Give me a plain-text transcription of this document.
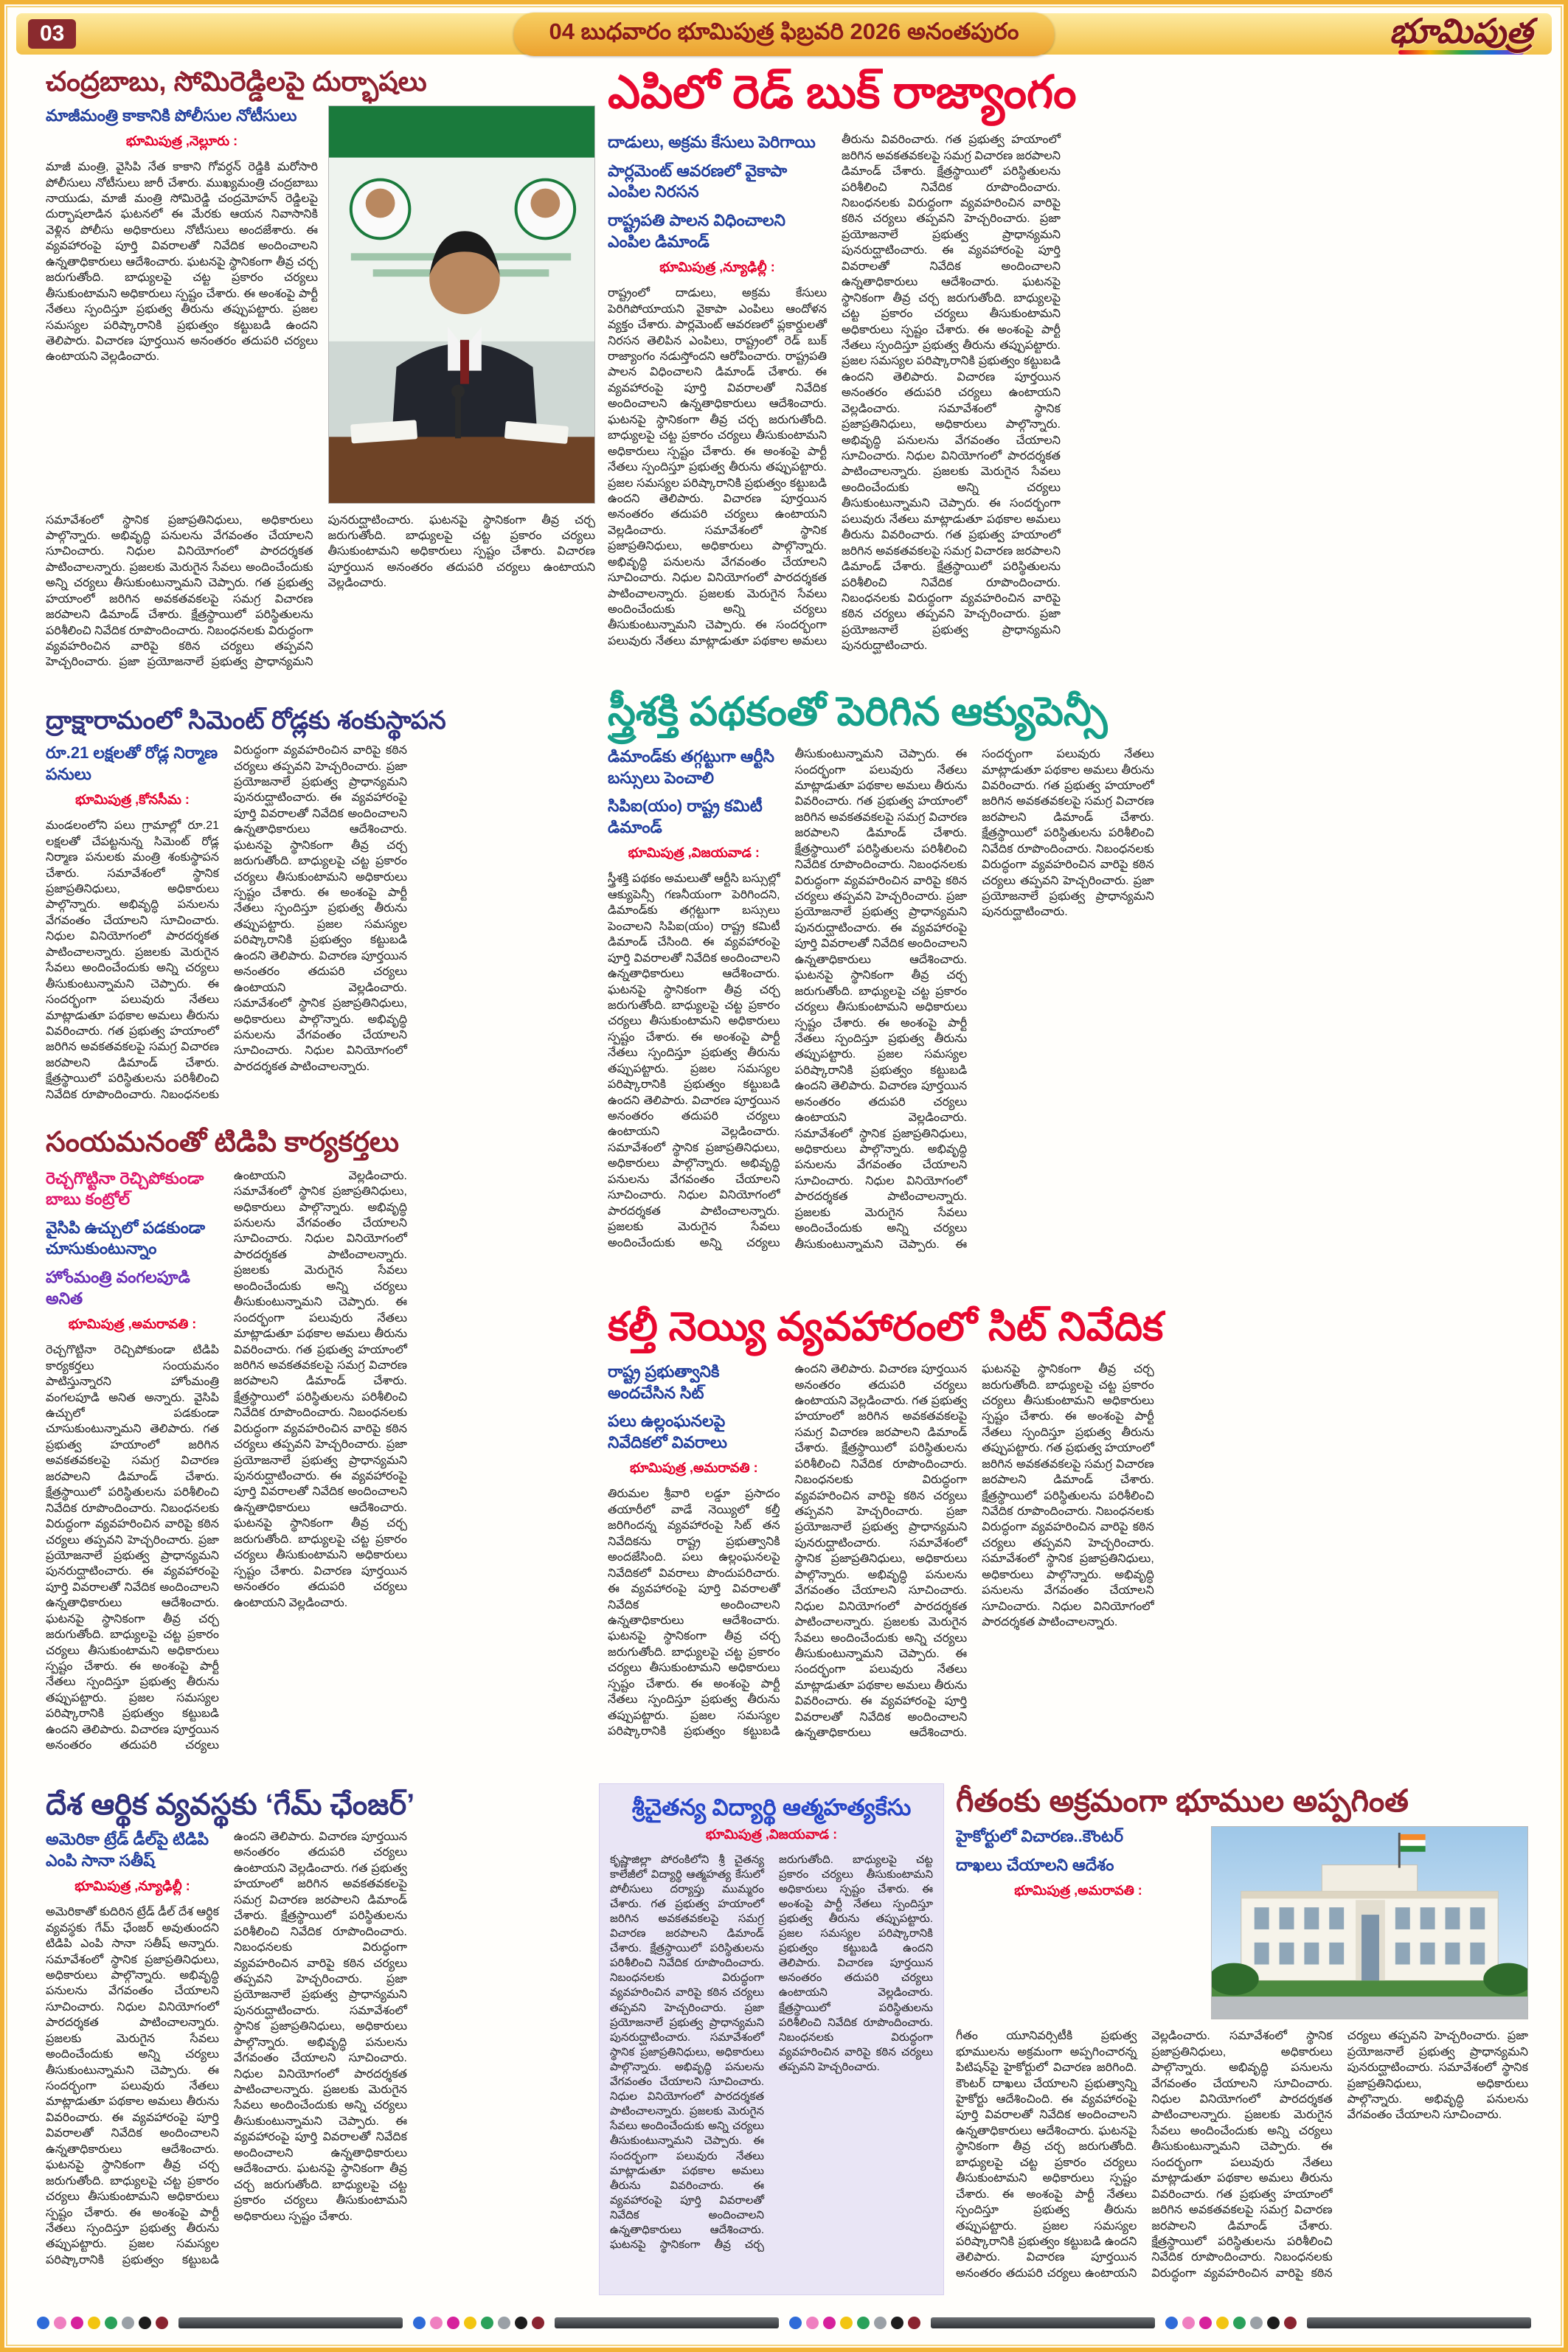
03	04 బుధవారం భూమిపుత్ర ఫిబ్రవరి 2026 అనంతపురం	భూమిపుత్ర
చంద్రబాబు, సోమిరెడ్డిలపై దుర్భాషలు
మాజీమంత్రి కాకానికి పోలీసుల నోటీసులు
భూమిపుత్ర ,నెల్లూరు :

మాజీ మంత్రి, వైసిపి నేత కాకాని గోవర్ధన్ రెడ్డికి మరోసారి పోలీసులు నోటీసులు జారీ చేశారు. ముఖ్యమంత్రి చంద్రబాబు నాయుడు, మాజీ మంత్రి సోమిరెడ్డి చంద్రమోహన్ రెడ్డిలపై దుర్భాషలాడిన ఘటనలో ఈ మేరకు ఆయన నివాసానికి వెళ్లిన పోలీసు అధికారులు నోటీసులు అందజేశారు. ఈ వ్యవహారంపై పూర్తి వివరాలతో నివేదిక అందించాలని ఉన్నతాధికారులు ఆదేశించారు. ఘటనపై స్థానికంగా తీవ్ర చర్చ జరుగుతోంది. బాధ్యులపై చట్ట ప్రకారం చర్యలు తీసుకుంటామని అధికారులు స్పష్టం చేశారు. ఈ అంశంపై పార్టీ నేతలు స్పందిస్తూ ప్రభుత్వ తీరును తప్పుపట్టారు. ప్రజల సమస్యల పరిష్కారానికి ప్రభుత్వం కట్టుబడి ఉందని తెలిపారు. విచారణ పూర్తయిన అనంతరం తదుపరి చర్యలు ఉంటాయని వెల్లడించారు.

సమావేశంలో స్థానిక ప్రజాప్రతినిధులు, అధికారులు పాల్గొన్నారు. అభివృద్ధి పనులను వేగవంతం చేయాలని సూచించారు. నిధుల వినియోగంలో పారదర్శకత పాటించాలన్నారు. ప్రజలకు మెరుగైన సేవలు అందించేందుకు అన్ని చర్యలు తీసుకుంటున్నామని చెప్పారు. గత ప్రభుత్వ హయాంలో జరిగిన అవకతవకలపై సమగ్ర విచారణ జరపాలని డిమాండ్ చేశారు. క్షేత్రస్థాయిలో పరిస్థితులను పరిశీలించి నివేదిక రూపొందించారు. నిబంధనలకు విరుద్ధంగా వ్యవహరించిన వారిపై కఠిన చర్యలు తప్పవని హెచ్చరించారు. ప్రజా ప్రయోజనాలే ప్రభుత్వ ప్రాధాన్యమని పునరుద్ఘాటించారు. ఘటనపై స్థానికంగా తీవ్ర చర్చ జరుగుతోంది. బాధ్యులపై చట్ట ప్రకారం చర్యలు తీసుకుంటామని అధికారులు స్పష్టం చేశారు. విచారణ పూర్తయిన అనంతరం తదుపరి చర్యలు ఉంటాయని వెల్లడించారు.

ఎపిలో రెడ్ బుక్ రాజ్యాంగం
దాడులు, అక్రమ కేసులు పెరిగాయి
పార్లమెంట్ ఆవరణలో వైకాపా ఎంపిల నిరసన
రాష్ట్రపతి పాలన విధించాలని ఎంపిల డిమాండ్
భూమిపుత్ర ,న్యూఢిల్లీ :

రాష్ట్రంలో దాడులు, అక్రమ కేసులు పెరిగిపోయాయని వైకాపా ఎంపిలు ఆందోళన వ్యక్తం చేశారు. పార్లమెంట్ ఆవరణలో ప్లకార్డులతో నిరసన తెలిపిన ఎంపిలు, రాష్ట్రంలో రెడ్ బుక్ రాజ్యాంగం నడుస్తోందని ఆరోపించారు. రాష్ట్రపతి పాలన విధించాలని డిమాండ్ చేశారు. ఈ వ్యవహారంపై పూర్తి వివరాలతో నివేదిక అందించాలని ఉన్నతాధికారులు ఆదేశించారు. ఘటనపై స్థానికంగా తీవ్ర చర్చ జరుగుతోంది. బాధ్యులపై చట్ట ప్రకారం చర్యలు తీసుకుంటామని అధికారులు స్పష్టం చేశారు. ఈ అంశంపై పార్టీ నేతలు స్పందిస్తూ ప్రభుత్వ తీరును తప్పుపట్టారు. ప్రజల సమస్యల పరిష్కారానికి ప్రభుత్వం కట్టుబడి ఉందని తెలిపారు. విచారణ పూర్తయిన అనంతరం తదుపరి చర్యలు ఉంటాయని వెల్లడించారు. సమావేశంలో స్థానిక ప్రజాప్రతినిధులు, అధికారులు పాల్గొన్నారు. అభివృద్ధి పనులను వేగవంతం చేయాలని సూచించారు. నిధుల వినియోగంలో పారదర్శకత పాటించాలన్నారు. ప్రజలకు మెరుగైన సేవలు అందించేందుకు అన్ని చర్యలు తీసుకుంటున్నామని చెప్పారు. ఈ సందర్భంగా పలువురు నేతలు మాట్లాడుతూ పథకాల అమలు తీరును వివరించారు. గత ప్రభుత్వ హయాంలో జరిగిన అవకతవకలపై సమగ్ర విచారణ జరపాలని డిమాండ్ చేశారు. క్షేత్రస్థాయిలో పరిస్థితులను పరిశీలించి నివేదిక రూపొందించారు. నిబంధనలకు విరుద్ధంగా వ్యవహరించిన వారిపై కఠిన చర్యలు తప్పవని హెచ్చరించారు. ప్రజా ప్రయోజనాలే ప్రభుత్వ ప్రాధాన్యమని పునరుద్ఘాటించారు. ఈ వ్యవహారంపై పూర్తి వివరాలతో నివేదిక అందించాలని ఉన్నతాధికారులు ఆదేశించారు. ఘటనపై స్థానికంగా తీవ్ర చర్చ జరుగుతోంది. బాధ్యులపై చట్ట ప్రకారం చర్యలు తీసుకుంటామని అధికారులు స్పష్టం చేశారు. ఈ అంశంపై పార్టీ నేతలు స్పందిస్తూ ప్రభుత్వ తీరును తప్పుపట్టారు. ప్రజల సమస్యల పరిష్కారానికి ప్రభుత్వం కట్టుబడి ఉందని తెలిపారు. విచారణ పూర్తయిన అనంతరం తదుపరి చర్యలు ఉంటాయని వెల్లడించారు. సమావేశంలో స్థానిక ప్రజాప్రతినిధులు, అధికారులు పాల్గొన్నారు. అభివృద్ధి పనులను వేగవంతం చేయాలని సూచించారు. నిధుల వినియోగంలో పారదర్శకత పాటించాలన్నారు. ప్రజలకు మెరుగైన సేవలు అందించేందుకు అన్ని చర్యలు తీసుకుంటున్నామని చెప్పారు. ఈ సందర్భంగా పలువురు నేతలు మాట్లాడుతూ పథకాల అమలు తీరును వివరించారు. గత ప్రభుత్వ హయాంలో జరిగిన అవకతవకలపై సమగ్ర విచారణ జరపాలని డిమాండ్ చేశారు. క్షేత్రస్థాయిలో పరిస్థితులను పరిశీలించి నివేదిక రూపొందించారు. నిబంధనలకు విరుద్ధంగా వ్యవహరించిన వారిపై కఠిన చర్యలు తప్పవని హెచ్చరించారు. ప్రజా ప్రయోజనాలే ప్రభుత్వ ప్రాధాన్యమని పునరుద్ఘాటించారు.

ద్రాక్షారామంలో సిమెంట్ రోడ్లకు శంకుస్థాపన
రూ.21 లక్షలతో రోడ్ల నిర్మాణ పనులు
భూమిపుత్ర ,కోనసీమ :

మండలంలోని పలు గ్రామాల్లో రూ.21 లక్షలతో చేపట్టనున్న సిమెంట్ రోడ్ల నిర్మాణ పనులకు మంత్రి శంకుస్థాపన చేశారు. సమావేశంలో స్థానిక ప్రజాప్రతినిధులు, అధికారులు పాల్గొన్నారు. అభివృద్ధి పనులను వేగవంతం చేయాలని సూచించారు. నిధుల వినియోగంలో పారదర్శకత పాటించాలన్నారు. ప్రజలకు మెరుగైన సేవలు అందించేందుకు అన్ని చర్యలు తీసుకుంటున్నామని చెప్పారు. ఈ సందర్భంగా పలువురు నేతలు మాట్లాడుతూ పథకాల అమలు తీరును వివరించారు. గత ప్రభుత్వ హయాంలో జరిగిన అవకతవకలపై సమగ్ర విచారణ జరపాలని డిమాండ్ చేశారు. క్షేత్రస్థాయిలో పరిస్థితులను పరిశీలించి నివేదిక రూపొందించారు. నిబంధనలకు విరుద్ధంగా వ్యవహరించిన వారిపై కఠిన చర్యలు తప్పవని హెచ్చరించారు. ప్రజా ప్రయోజనాలే ప్రభుత్వ ప్రాధాన్యమని పునరుద్ఘాటించారు. ఈ వ్యవహారంపై పూర్తి వివరాలతో నివేదిక అందించాలని ఉన్నతాధికారులు ఆదేశించారు. ఘటనపై స్థానికంగా తీవ్ర చర్చ జరుగుతోంది. బాధ్యులపై చట్ట ప్రకారం చర్యలు తీసుకుంటామని అధికారులు స్పష్టం చేశారు. ఈ అంశంపై పార్టీ నేతలు స్పందిస్తూ ప్రభుత్వ తీరును తప్పుపట్టారు. ప్రజల సమస్యల పరిష్కారానికి ప్రభుత్వం కట్టుబడి ఉందని తెలిపారు. విచారణ పూర్తయిన అనంతరం తదుపరి చర్యలు ఉంటాయని వెల్లడించారు. సమావేశంలో స్థానిక ప్రజాప్రతినిధులు, అధికారులు పాల్గొన్నారు. అభివృద్ధి పనులను వేగవంతం చేయాలని సూచించారు. నిధుల వినియోగంలో పారదర్శకత పాటించాలన్నారు.

స్త్రీశక్తి పథకంతో పెరిగిన ఆక్యుపెన్సీ
డిమాండ్‌కు తగ్గట్టుగా ఆర్టీసి బస్సులు పెంచాలి
సిపిఐ(యం) రాష్ట్ర కమిటీ డిమాండ్
భూమిపుత్ర ,విజయవాడ :

స్త్రీశక్తి పథకం అమలుతో ఆర్టీసి బస్సుల్లో ఆక్యుపెన్సీ గణనీయంగా పెరిగిందని, డిమాండ్‌కు తగ్గట్టుగా బస్సులు పెంచాలని సిపిఐ(యం) రాష్ట్ర కమిటీ డిమాండ్ చేసింది. ఈ వ్యవహారంపై పూర్తి వివరాలతో నివేదిక అందించాలని ఉన్నతాధికారులు ఆదేశించారు. ఘటనపై స్థానికంగా తీవ్ర చర్చ జరుగుతోంది. బాధ్యులపై చట్ట ప్రకారం చర్యలు తీసుకుంటామని అధికారులు స్పష్టం చేశారు. ఈ అంశంపై పార్టీ నేతలు స్పందిస్తూ ప్రభుత్వ తీరును తప్పుపట్టారు. ప్రజల సమస్యల పరిష్కారానికి ప్రభుత్వం కట్టుబడి ఉందని తెలిపారు. విచారణ పూర్తయిన అనంతరం తదుపరి చర్యలు ఉంటాయని వెల్లడించారు. సమావేశంలో స్థానిక ప్రజాప్రతినిధులు, అధికారులు పాల్గొన్నారు. అభివృద్ధి పనులను వేగవంతం చేయాలని సూచించారు. నిధుల వినియోగంలో పారదర్శకత పాటించాలన్నారు. ప్రజలకు మెరుగైన సేవలు అందించేందుకు అన్ని చర్యలు తీసుకుంటున్నామని చెప్పారు. ఈ సందర్భంగా పలువురు నేతలు మాట్లాడుతూ పథకాల అమలు తీరును వివరించారు. గత ప్రభుత్వ హయాంలో జరిగిన అవకతవకలపై సమగ్ర విచారణ జరపాలని డిమాండ్ చేశారు. క్షేత్రస్థాయిలో పరిస్థితులను పరిశీలించి నివేదిక రూపొందించారు. నిబంధనలకు విరుద్ధంగా వ్యవహరించిన వారిపై కఠిన చర్యలు తప్పవని హెచ్చరించారు. ప్రజా ప్రయోజనాలే ప్రభుత్వ ప్రాధాన్యమని పునరుద్ఘాటించారు. ఈ వ్యవహారంపై పూర్తి వివరాలతో నివేదిక అందించాలని ఉన్నతాధికారులు ఆదేశించారు. ఘటనపై స్థానికంగా తీవ్ర చర్చ జరుగుతోంది. బాధ్యులపై చట్ట ప్రకారం చర్యలు తీసుకుంటామని అధికారులు స్పష్టం చేశారు. ఈ అంశంపై పార్టీ నేతలు స్పందిస్తూ ప్రభుత్వ తీరును తప్పుపట్టారు. ప్రజల సమస్యల పరిష్కారానికి ప్రభుత్వం కట్టుబడి ఉందని తెలిపారు. విచారణ పూర్తయిన అనంతరం తదుపరి చర్యలు ఉంటాయని వెల్లడించారు. సమావేశంలో స్థానిక ప్రజాప్రతినిధులు, అధికారులు పాల్గొన్నారు. అభివృద్ధి పనులను వేగవంతం చేయాలని సూచించారు. నిధుల వినియోగంలో పారదర్శకత పాటించాలన్నారు. ప్రజలకు మెరుగైన సేవలు అందించేందుకు అన్ని చర్యలు తీసుకుంటున్నామని చెప్పారు. ఈ సందర్భంగా పలువురు నేతలు మాట్లాడుతూ పథకాల అమలు తీరును వివరించారు. గత ప్రభుత్వ హయాంలో జరిగిన అవకతవకలపై సమగ్ర విచారణ జరపాలని డిమాండ్ చేశారు. క్షేత్రస్థాయిలో పరిస్థితులను పరిశీలించి నివేదిక రూపొందించారు. నిబంధనలకు విరుద్ధంగా వ్యవహరించిన వారిపై కఠిన చర్యలు తప్పవని హెచ్చరించారు. ప్రజా ప్రయోజనాలే ప్రభుత్వ ప్రాధాన్యమని పునరుద్ఘాటించారు.

సంయమనంతో టిడిపి కార్యకర్తలు
రెచ్చగొట్టినా రెచ్చిపోకుండా బాబు కంట్రోల్
వైసిపి ఉచ్చులో పడకుండా చూసుకుంటున్నాం
హోంమంత్రి వంగలపూడి అనిత
భూమిపుత్ర ,అమరావతి :

రెచ్చగొట్టినా రెచ్చిపోకుండా టిడిపి కార్యకర్తలు సంయమనం పాటిస్తున్నారని హోంమంత్రి వంగలపూడి అనిత అన్నారు. వైసిపి ఉచ్చులో పడకుండా చూసుకుంటున్నామని తెలిపారు. గత ప్రభుత్వ హయాంలో జరిగిన అవకతవకలపై సమగ్ర విచారణ జరపాలని డిమాండ్ చేశారు. క్షేత్రస్థాయిలో పరిస్థితులను పరిశీలించి నివేదిక రూపొందించారు. నిబంధనలకు విరుద్ధంగా వ్యవహరించిన వారిపై కఠిన చర్యలు తప్పవని హెచ్చరించారు. ప్రజా ప్రయోజనాలే ప్రభుత్వ ప్రాధాన్యమని పునరుద్ఘాటించారు. ఈ వ్యవహారంపై పూర్తి వివరాలతో నివేదిక అందించాలని ఉన్నతాధికారులు ఆదేశించారు. ఘటనపై స్థానికంగా తీవ్ర చర్చ జరుగుతోంది. బాధ్యులపై చట్ట ప్రకారం చర్యలు తీసుకుంటామని అధికారులు స్పష్టం చేశారు. ఈ అంశంపై పార్టీ నేతలు స్పందిస్తూ ప్రభుత్వ తీరును తప్పుపట్టారు. ప్రజల సమస్యల పరిష్కారానికి ప్రభుత్వం కట్టుబడి ఉందని తెలిపారు. విచారణ పూర్తయిన అనంతరం తదుపరి చర్యలు ఉంటాయని వెల్లడించారు. సమావేశంలో స్థానిక ప్రజాప్రతినిధులు, అధికారులు పాల్గొన్నారు. అభివృద్ధి పనులను వేగవంతం చేయాలని సూచించారు. నిధుల వినియోగంలో పారదర్శకత పాటించాలన్నారు. ప్రజలకు మెరుగైన సేవలు అందించేందుకు అన్ని చర్యలు తీసుకుంటున్నామని చెప్పారు. ఈ సందర్భంగా పలువురు నేతలు మాట్లాడుతూ పథకాల అమలు తీరును వివరించారు. గత ప్రభుత్వ హయాంలో జరిగిన అవకతవకలపై సమగ్ర విచారణ జరపాలని డిమాండ్ చేశారు. క్షేత్రస్థాయిలో పరిస్థితులను పరిశీలించి నివేదిక రూపొందించారు. నిబంధనలకు విరుద్ధంగా వ్యవహరించిన వారిపై కఠిన చర్యలు తప్పవని హెచ్చరించారు. ప్రజా ప్రయోజనాలే ప్రభుత్వ ప్రాధాన్యమని పునరుద్ఘాటించారు. ఈ వ్యవహారంపై పూర్తి వివరాలతో నివేదిక అందించాలని ఉన్నతాధికారులు ఆదేశించారు. ఘటనపై స్థానికంగా తీవ్ర చర్చ జరుగుతోంది. బాధ్యులపై చట్ట ప్రకారం చర్యలు తీసుకుంటామని అధికారులు స్పష్టం చేశారు. విచారణ పూర్తయిన అనంతరం తదుపరి చర్యలు ఉంటాయని వెల్లడించారు.

కల్తీ నెయ్యి వ్యవహారంలో సిట్ నివేదిక
రాష్ట్ర ప్రభుత్వానికి అందచేసిన సిట్
పలు ఉల్లంఘనలపై నివేదికలో వివరాలు
భూమిపుత్ర ,అమరావతి :

తిరుమల శ్రీవారి లడ్డూ ప్రసాదం తయారీలో వాడే నెయ్యిలో కల్తీ జరిగిందన్న వ్యవహారంపై సిట్ తన నివేదికను రాష్ట్ర ప్రభుత్వానికి అందజేసింది. పలు ఉల్లంఘనలపై నివేదికలో వివరాలు పొందుపరిచారు. ఈ వ్యవహారంపై పూర్తి వివరాలతో నివేదిక అందించాలని ఉన్నతాధికారులు ఆదేశించారు. ఘటనపై స్థానికంగా తీవ్ర చర్చ జరుగుతోంది. బాధ్యులపై చట్ట ప్రకారం చర్యలు తీసుకుంటామని అధికారులు స్పష్టం చేశారు. ఈ అంశంపై పార్టీ నేతలు స్పందిస్తూ ప్రభుత్వ తీరును తప్పుపట్టారు. ప్రజల సమస్యల పరిష్కారానికి ప్రభుత్వం కట్టుబడి ఉందని తెలిపారు. విచారణ పూర్తయిన అనంతరం తదుపరి చర్యలు ఉంటాయని వెల్లడించారు. గత ప్రభుత్వ హయాంలో జరిగిన అవకతవకలపై సమగ్ర విచారణ జరపాలని డిమాండ్ చేశారు. క్షేత్రస్థాయిలో పరిస్థితులను పరిశీలించి నివేదిక రూపొందించారు. నిబంధనలకు విరుద్ధంగా వ్యవహరించిన వారిపై కఠిన చర్యలు తప్పవని హెచ్చరించారు. ప్రజా ప్రయోజనాలే ప్రభుత్వ ప్రాధాన్యమని పునరుద్ఘాటించారు. సమావేశంలో స్థానిక ప్రజాప్రతినిధులు, అధికారులు పాల్గొన్నారు. అభివృద్ధి పనులను వేగవంతం చేయాలని సూచించారు. నిధుల వినియోగంలో పారదర్శకత పాటించాలన్నారు. ప్రజలకు మెరుగైన సేవలు అందించేందుకు అన్ని చర్యలు తీసుకుంటున్నామని చెప్పారు. ఈ సందర్భంగా పలువురు నేతలు మాట్లాడుతూ పథకాల అమలు తీరును వివరించారు. ఈ వ్యవహారంపై పూర్తి వివరాలతో నివేదిక అందించాలని ఉన్నతాధికారులు ఆదేశించారు. ఘటనపై స్థానికంగా తీవ్ర చర్చ జరుగుతోంది. బాధ్యులపై చట్ట ప్రకారం చర్యలు తీసుకుంటామని అధికారులు స్పష్టం చేశారు. ఈ అంశంపై పార్టీ నేతలు స్పందిస్తూ ప్రభుత్వ తీరును తప్పుపట్టారు. గత ప్రభుత్వ హయాంలో జరిగిన అవకతవకలపై సమగ్ర విచారణ జరపాలని డిమాండ్ చేశారు. క్షేత్రస్థాయిలో పరిస్థితులను పరిశీలించి నివేదిక రూపొందించారు. నిబంధనలకు విరుద్ధంగా వ్యవహరించిన వారిపై కఠిన చర్యలు తప్పవని హెచ్చరించారు. సమావేశంలో స్థానిక ప్రజాప్రతినిధులు, అధికారులు పాల్గొన్నారు. అభివృద్ధి పనులను వేగవంతం చేయాలని సూచించారు. నిధుల వినియోగంలో పారదర్శకత పాటించాలన్నారు.

దేశ ఆర్థిక వ్యవస్థకు ‘గేమ్ ఛేంజర్’
అమెరికా ట్రేడ్ డీల్‌పై టిడిపి ఎంపి సానా సతీష్
భూమిపుత్ర ,న్యూఢిల్లీ :

అమెరికాతో కుదిరిన ట్రేడ్ డీల్ దేశ ఆర్థిక వ్యవస్థకు గేమ్ ఛేంజర్ అవుతుందని టిడిపి ఎంపి సానా సతీష్ అన్నారు. సమావేశంలో స్థానిక ప్రజాప్రతినిధులు, అధికారులు పాల్గొన్నారు. అభివృద్ధి పనులను వేగవంతం చేయాలని సూచించారు. నిధుల వినియోగంలో పారదర్శకత పాటించాలన్నారు. ప్రజలకు మెరుగైన సేవలు అందించేందుకు అన్ని చర్యలు తీసుకుంటున్నామని చెప్పారు. ఈ సందర్భంగా పలువురు నేతలు మాట్లాడుతూ పథకాల అమలు తీరును వివరించారు. ఈ వ్యవహారంపై పూర్తి వివరాలతో నివేదిక అందించాలని ఉన్నతాధికారులు ఆదేశించారు. ఘటనపై స్థానికంగా తీవ్ర చర్చ జరుగుతోంది. బాధ్యులపై చట్ట ప్రకారం చర్యలు తీసుకుంటామని అధికారులు స్పష్టం చేశారు. ఈ అంశంపై పార్టీ నేతలు స్పందిస్తూ ప్రభుత్వ తీరును తప్పుపట్టారు. ప్రజల సమస్యల పరిష్కారానికి ప్రభుత్వం కట్టుబడి ఉందని తెలిపారు. విచారణ పూర్తయిన అనంతరం తదుపరి చర్యలు ఉంటాయని వెల్లడించారు. గత ప్రభుత్వ హయాంలో జరిగిన అవకతవకలపై సమగ్ర విచారణ జరపాలని డిమాండ్ చేశారు. క్షేత్రస్థాయిలో పరిస్థితులను పరిశీలించి నివేదిక రూపొందించారు. నిబంధనలకు విరుద్ధంగా వ్యవహరించిన వారిపై కఠిన చర్యలు తప్పవని హెచ్చరించారు. ప్రజా ప్రయోజనాలే ప్రభుత్వ ప్రాధాన్యమని పునరుద్ఘాటించారు. సమావేశంలో స్థానిక ప్రజాప్రతినిధులు, అధికారులు పాల్గొన్నారు. అభివృద్ధి పనులను వేగవంతం చేయాలని సూచించారు. నిధుల వినియోగంలో పారదర్శకత పాటించాలన్నారు. ప్రజలకు మెరుగైన సేవలు అందించేందుకు అన్ని చర్యలు తీసుకుంటున్నామని చెప్పారు. ఈ వ్యవహారంపై పూర్తి వివరాలతో నివేదిక అందించాలని ఉన్నతాధికారులు ఆదేశించారు. ఘటనపై స్థానికంగా తీవ్ర చర్చ జరుగుతోంది. బాధ్యులపై చట్ట ప్రకారం చర్యలు తీసుకుంటామని అధికారులు స్పష్టం చేశారు.

శ్రీచైతన్య విద్యార్థి ఆత్మహత్యకేసు
భూమిపుత్ర ,విజయవాడ :

కృష్ణాజిల్లా పోరంకిలోని శ్రీ చైతన్య కాలేజీలో విద్యార్థి ఆత్మహత్య కేసులో పోలీసులు దర్యాప్తు ముమ్మరం చేశారు. గత ప్రభుత్వ హయాంలో జరిగిన అవకతవకలపై సమగ్ర విచారణ జరపాలని డిమాండ్ చేశారు. క్షేత్రస్థాయిలో పరిస్థితులను పరిశీలించి నివేదిక రూపొందించారు. నిబంధనలకు విరుద్ధంగా వ్యవహరించిన వారిపై కఠిన చర్యలు తప్పవని హెచ్చరించారు. ప్రజా ప్రయోజనాలే ప్రభుత్వ ప్రాధాన్యమని పునరుద్ఘాటించారు. సమావేశంలో స్థానిక ప్రజాప్రతినిధులు, అధికారులు పాల్గొన్నారు. అభివృద్ధి పనులను వేగవంతం చేయాలని సూచించారు. నిధుల వినియోగంలో పారదర్శకత పాటించాలన్నారు. ప్రజలకు మెరుగైన సేవలు అందించేందుకు అన్ని చర్యలు తీసుకుంటున్నామని చెప్పారు. ఈ సందర్భంగా పలువురు నేతలు మాట్లాడుతూ పథకాల అమలు తీరును వివరించారు. ఈ వ్యవహారంపై పూర్తి వివరాలతో నివేదిక అందించాలని ఉన్నతాధికారులు ఆదేశించారు. ఘటనపై స్థానికంగా తీవ్ర చర్చ జరుగుతోంది. బాధ్యులపై చట్ట ప్రకారం చర్యలు తీసుకుంటామని అధికారులు స్పష్టం చేశారు. ఈ అంశంపై పార్టీ నేతలు స్పందిస్తూ ప్రభుత్వ తీరును తప్పుపట్టారు. ప్రజల సమస్యల పరిష్కారానికి ప్రభుత్వం కట్టుబడి ఉందని తెలిపారు. విచారణ పూర్తయిన అనంతరం తదుపరి చర్యలు ఉంటాయని వెల్లడించారు. క్షేత్రస్థాయిలో పరిస్థితులను పరిశీలించి నివేదిక రూపొందించారు. నిబంధనలకు విరుద్ధంగా వ్యవహరించిన వారిపై కఠిన చర్యలు తప్పవని హెచ్చరించారు.

గీతంకు అక్రమంగా భూముల అప్పగింత
హైకోర్టులో విచారణ..కౌంటర్
దాఖలు చేయాలని ఆదేశం
భూమిపుత్ర ,అమరావతి :

గీతం యూనివర్సిటీకి ప్రభుత్వ భూములను అక్రమంగా అప్పగించారన్న పిటిషన్‌పై హైకోర్టులో విచారణ జరిగింది. కౌంటర్ దాఖలు చేయాలని ప్రభుత్వాన్ని హైకోర్టు ఆదేశించింది. ఈ వ్యవహారంపై పూర్తి వివరాలతో నివేదిక అందించాలని ఉన్నతాధికారులు ఆదేశించారు. ఘటనపై స్థానికంగా తీవ్ర చర్చ జరుగుతోంది. బాధ్యులపై చట్ట ప్రకారం చర్యలు తీసుకుంటామని అధికారులు స్పష్టం చేశారు. ఈ అంశంపై పార్టీ నేతలు స్పందిస్తూ ప్రభుత్వ తీరును తప్పుపట్టారు. ప్రజల సమస్యల పరిష్కారానికి ప్రభుత్వం కట్టుబడి ఉందని తెలిపారు. విచారణ పూర్తయిన అనంతరం తదుపరి చర్యలు ఉంటాయని వెల్లడించారు. సమావేశంలో స్థానిక ప్రజాప్రతినిధులు, అధికారులు పాల్గొన్నారు. అభివృద్ధి పనులను వేగవంతం చేయాలని సూచించారు. నిధుల వినియోగంలో పారదర్శకత పాటించాలన్నారు. ప్రజలకు మెరుగైన సేవలు అందించేందుకు అన్ని చర్యలు తీసుకుంటున్నామని చెప్పారు. ఈ సందర్భంగా పలువురు నేతలు మాట్లాడుతూ పథకాల అమలు తీరును వివరించారు. గత ప్రభుత్వ హయాంలో జరిగిన అవకతవకలపై సమగ్ర విచారణ జరపాలని డిమాండ్ చేశారు. క్షేత్రస్థాయిలో పరిస్థితులను పరిశీలించి నివేదిక రూపొందించారు. నిబంధనలకు విరుద్ధంగా వ్యవహరించిన వారిపై కఠిన చర్యలు తప్పవని హెచ్చరించారు. ప్రజా ప్రయోజనాలే ప్రభుత్వ ప్రాధాన్యమని పునరుద్ఘాటించారు. సమావేశంలో స్థానిక ప్రజాప్రతినిధులు, అధికారులు పాల్గొన్నారు. అభివృద్ధి పనులను వేగవంతం చేయాలని సూచించారు.
